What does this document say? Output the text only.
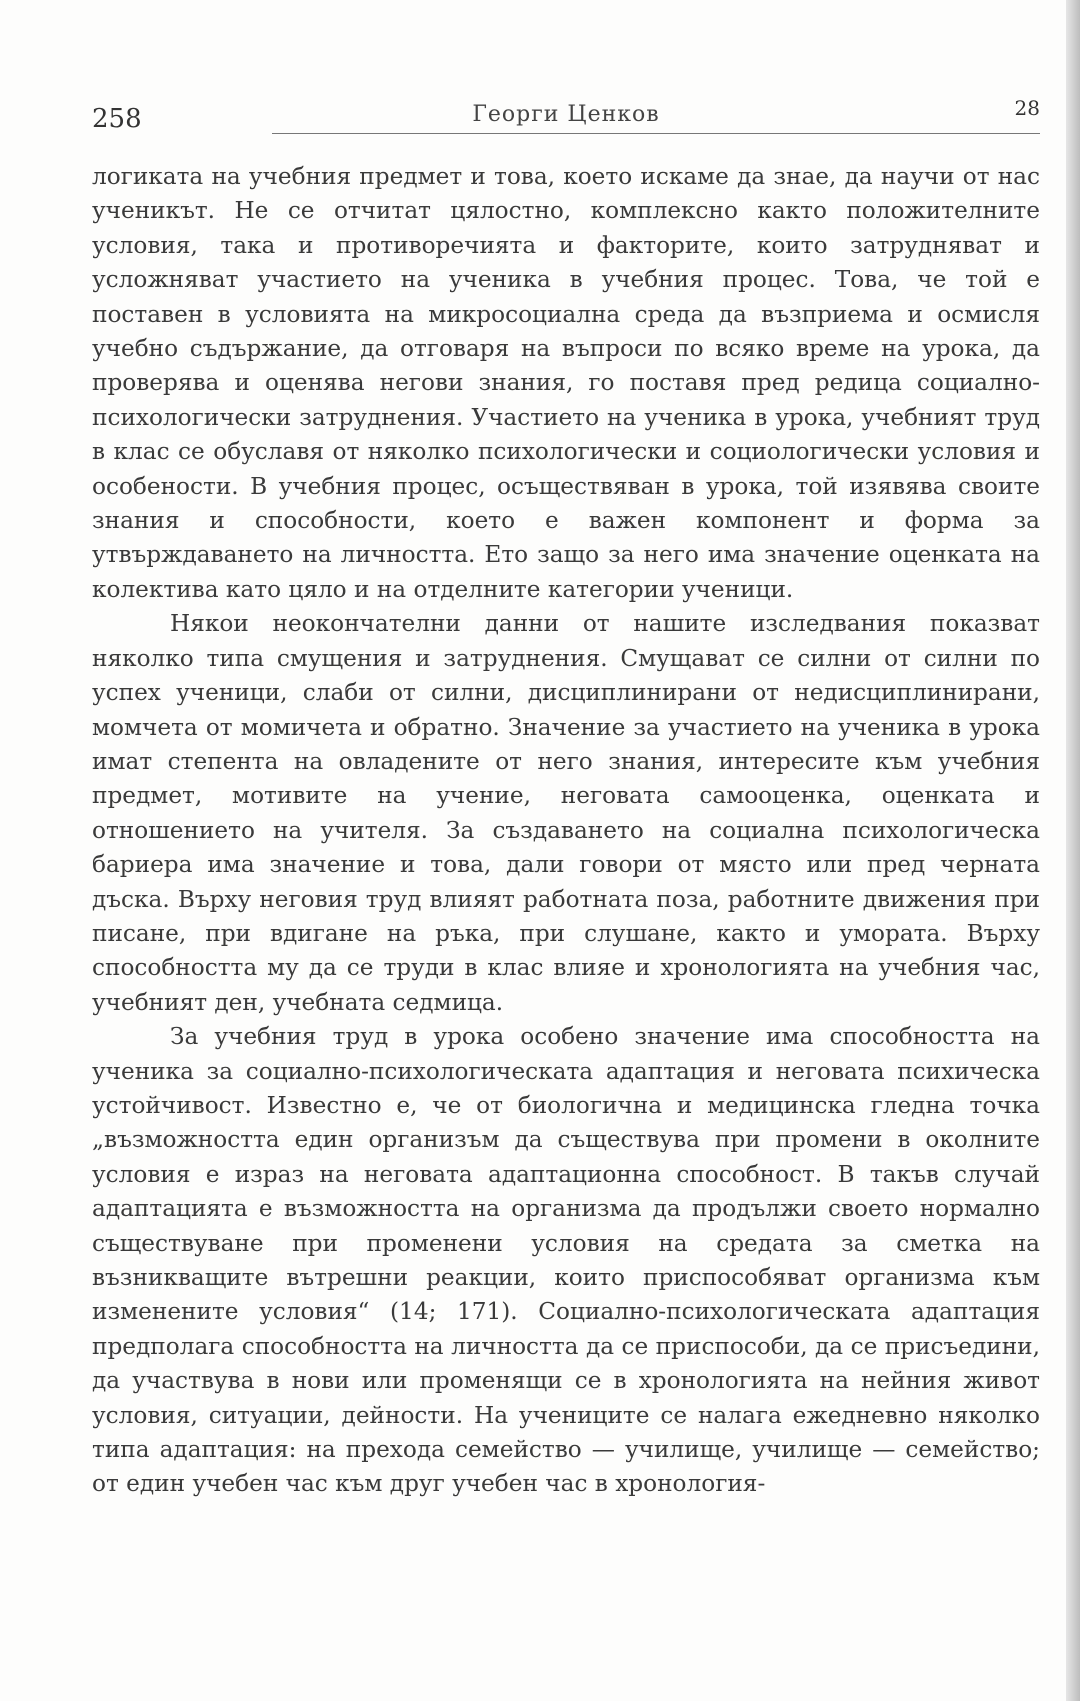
258	Георги Ценков	28

логиката на учебния предмет и това, което искаме да знае, да научи от нас ученикът. Не се отчитат цялостно, комплексно както положителните условия, така и противоречията и факторите, които затрудняват и усложняват участието на ученика в учебния процес. Това, че той е поставен в условията на микросоциална среда да възприема и осмисля учебно съдържание, да отговаря на въпроси по всяко време на урока, да проверява и оценява негови знания, го поставя пред редица социално-психологически затруднения. Участието на ученика в урока, учебният труд в клас се обуславя от няколко психологически и социологически условия и особености. В учебния процес, осъществяван в урока, той изявява своите знания и способности, което е важен компонент и форма за утвърждаването на личността. Ето защо за него има значение оценката на колектива като цяло и на отделните категории ученици.

Някои неокончателни данни от нашите изследвания показват няколко типа смущения и затруднения. Смущават се силни от силни по успех ученици, слаби от силни, дисциплинирани от недисциплинирани, момчета от момичета и обратно. Значение за участието на ученика в урока имат степента на овладените от него знания, интересите към учебния предмет, мотивите на учение, неговата самооценка, оценката и отношението на учителя. За създаването на социална психологическа бариера има значение и това, дали говори от място или пред черната дъска. Върху неговия труд влияят работната поза, работните движения при писане, при вдигане на ръка, при слушане, както и умората. Върху способността му да се труди в клас влияе и хронологията на учебния час, учебният ден, учебната седмица.

За учебния труд в урока особено значение има способността на ученика за социално-психологическата адаптация и неговата психическа устойчивост. Известно е, че от биологична и медицинска гледна точка „възможността един организъм да съществува при промени в околните условия е израз на неговата адаптационна способност. В такъв случай адаптацията е възможността на организма да продължи своето нормално съществуване при променени условия на средата за сметка на възникващите вътрешни реакции, които приспособяват организма към изменените условия“ (14; 171). Социално-психологическата адаптация предполага способността на личността да се приспособи, да се присъедини, да участвува в нови или променящи се в хронологията на нейния живот условия, ситуации, дейности. На учениците се налага ежедневно няколко типа адаптация: на прехода семейство — училище, училище — семейство; от един учебен час към друг учебен час в хронология-
